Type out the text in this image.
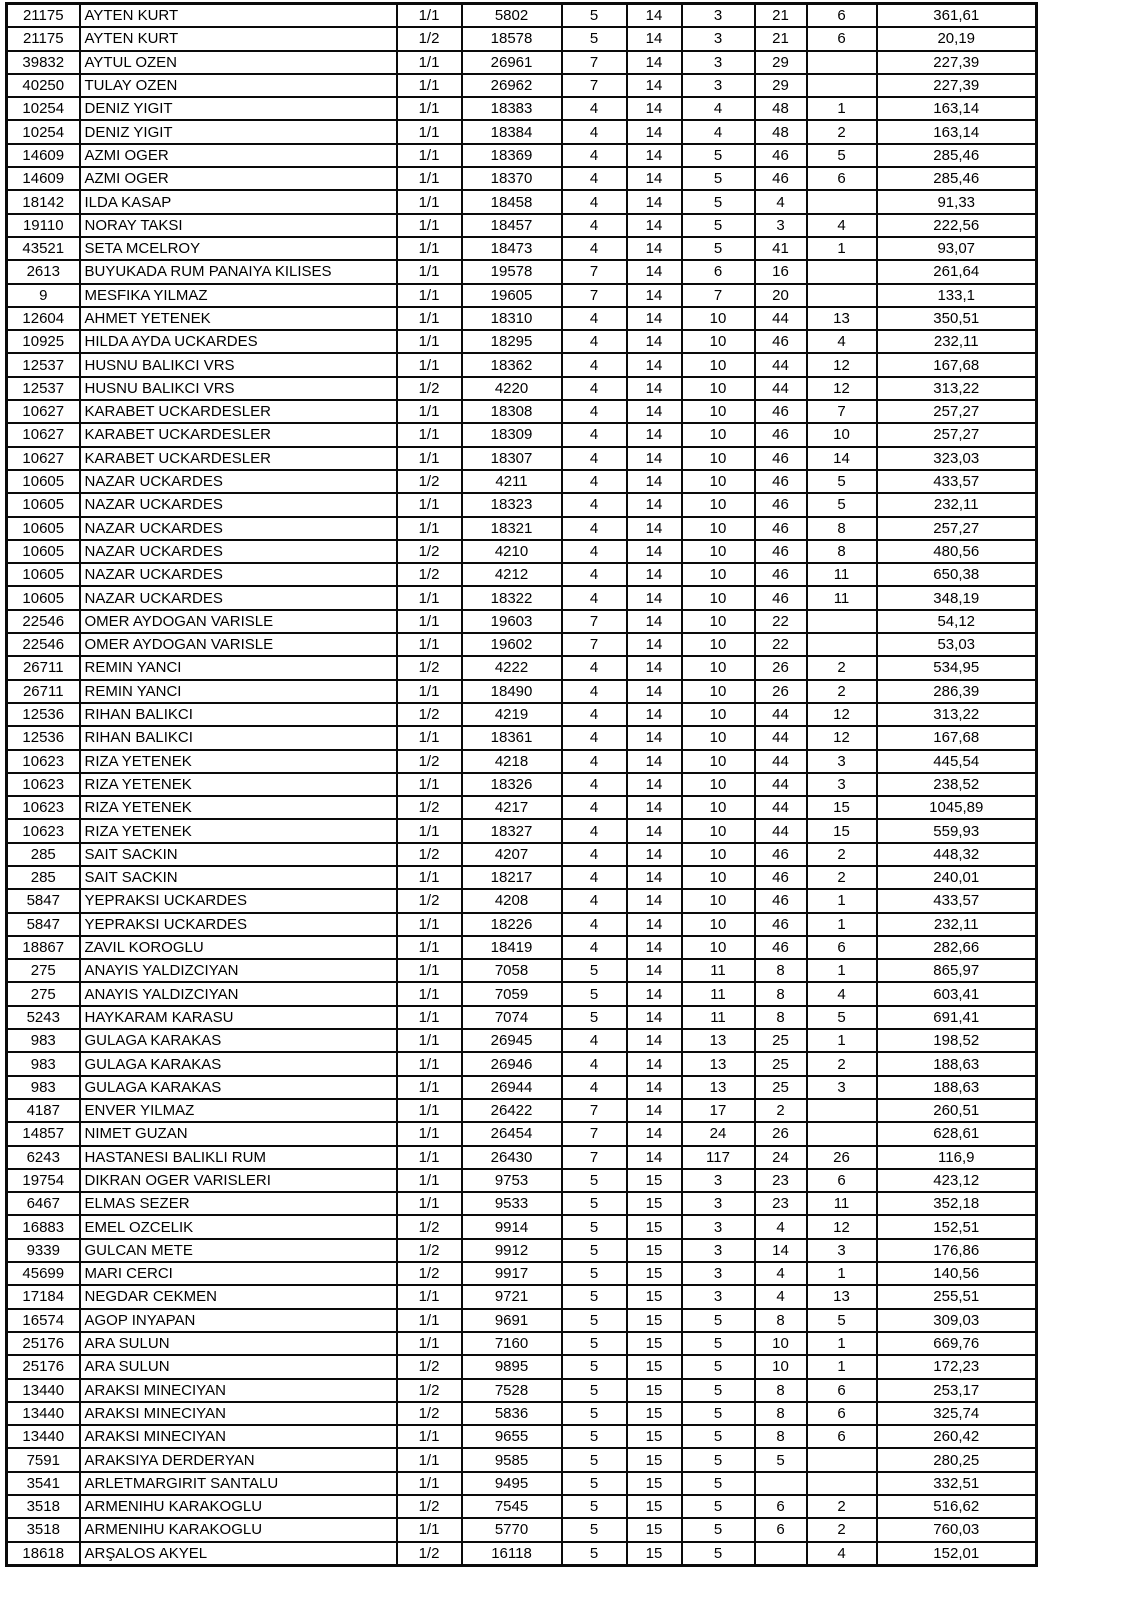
21175	AYTEN KURT	1/1	5802	5	14	3	21	6	361,61
21175	AYTEN KURT	1/2	18578	5	14	3	21	6	20,19
39832	AYTUL OZEN	1/1	26961	7	14	3	29		227,39
40250	TULAY OZEN	1/1	26962	7	14	3	29		227,39
10254	DENIZ YIGIT	1/1	18383	4	14	4	48	1	163,14
10254	DENIZ YIGIT	1/1	18384	4	14	4	48	2	163,14
14609	AZMI OGER	1/1	18369	4	14	5	46	5	285,46
14609	AZMI OGER	1/1	18370	4	14	5	46	6	285,46
18142	ILDA KASAP	1/1	18458	4	14	5	4		91,33
19110	NORAY TAKSI	1/1	18457	4	14	5	3	4	222,56
43521	SETA MCELROY	1/1	18473	4	14	5	41	1	93,07
2613	BUYUKADA RUM PANAIYA KILISES	1/1	19578	7	14	6	16		261,64
9	MESFIKA YILMAZ	1/1	19605	7	14	7	20		133,1
12604	AHMET YETENEK	1/1	18310	4	14	10	44	13	350,51
10925	HILDA AYDA UCKARDES	1/1	18295	4	14	10	46	4	232,11
12537	HUSNU BALIKCI VRS	1/1	18362	4	14	10	44	12	167,68
12537	HUSNU BALIKCI VRS	1/2	4220	4	14	10	44	12	313,22
10627	KARABET UCKARDESLER	1/1	18308	4	14	10	46	7	257,27
10627	KARABET UCKARDESLER	1/1	18309	4	14	10	46	10	257,27
10627	KARABET UCKARDESLER	1/1	18307	4	14	10	46	14	323,03
10605	NAZAR UCKARDES	1/2	4211	4	14	10	46	5	433,57
10605	NAZAR UCKARDES	1/1	18323	4	14	10	46	5	232,11
10605	NAZAR UCKARDES	1/1	18321	4	14	10	46	8	257,27
10605	NAZAR UCKARDES	1/2	4210	4	14	10	46	8	480,56
10605	NAZAR UCKARDES	1/2	4212	4	14	10	46	11	650,38
10605	NAZAR UCKARDES	1/1	18322	4	14	10	46	11	348,19
22546	OMER AYDOGAN VARISLE	1/1	19603	7	14	10	22		54,12
22546	OMER AYDOGAN VARISLE	1/1	19602	7	14	10	22		53,03
26711	REMIN YANCI	1/2	4222	4	14	10	26	2	534,95
26711	REMIN YANCI	1/1	18490	4	14	10	26	2	286,39
12536	RIHAN BALIKCI	1/2	4219	4	14	10	44	12	313,22
12536	RIHAN BALIKCI	1/1	18361	4	14	10	44	12	167,68
10623	RIZA YETENEK	1/2	4218	4	14	10	44	3	445,54
10623	RIZA YETENEK	1/1	18326	4	14	10	44	3	238,52
10623	RIZA YETENEK	1/2	4217	4	14	10	44	15	1045,89
10623	RIZA YETENEK	1/1	18327	4	14	10	44	15	559,93
285	SAIT SACKIN	1/2	4207	4	14	10	46	2	448,32
285	SAIT SACKIN	1/1	18217	4	14	10	46	2	240,01
5847	YEPRAKSI UCKARDES	1/2	4208	4	14	10	46	1	433,57
5847	YEPRAKSI UCKARDES	1/1	18226	4	14	10	46	1	232,11
18867	ZAVIL KOROGLU	1/1	18419	4	14	10	46	6	282,66
275	ANAYIS YALDIZCIYAN	1/1	7058	5	14	11	8	1	865,97
275	ANAYIS YALDIZCIYAN	1/1	7059	5	14	11	8	4	603,41
5243	HAYKARAM KARASU	1/1	7074	5	14	11	8	5	691,41
983	GULAGA KARAKAS	1/1	26945	4	14	13	25	1	198,52
983	GULAGA KARAKAS	1/1	26946	4	14	13	25	2	188,63
983	GULAGA KARAKAS	1/1	26944	4	14	13	25	3	188,63
4187	ENVER YILMAZ	1/1	26422	7	14	17	2		260,51
14857	NIMET GUZAN	1/1	26454	7	14	24	26		628,61
6243	HASTANESI BALIKLI RUM	1/1	26430	7	14	117	24	26	116,9
19754	DIKRAN OGER VARISLERI	1/1	9753	5	15	3	23	6	423,12
6467	ELMAS SEZER	1/1	9533	5	15	3	23	11	352,18
16883	EMEL OZCELIK	1/2	9914	5	15	3	4	12	152,51
9339	GULCAN METE	1/2	9912	5	15	3	14	3	176,86
45699	MARI CERCI	1/2	9917	5	15	3	4	1	140,56
17184	NEGDAR CEKMEN	1/1	9721	5	15	3	4	13	255,51
16574	AGOP INYAPAN	1/1	9691	5	15	5	8	5	309,03
25176	ARA SULUN	1/1	7160	5	15	5	10	1	669,76
25176	ARA SULUN	1/2	9895	5	15	5	10	1	172,23
13440	ARAKSI MINECIYAN	1/2	7528	5	15	5	8	6	253,17
13440	ARAKSI MINECIYAN	1/2	5836	5	15	5	8	6	325,74
13440	ARAKSI MINECIYAN	1/1	9655	5	15	5	8	6	260,42
7591	ARAKSIYA DERDERYAN	1/1	9585	5	15	5	5		280,25
3541	ARLETMARGIRIT SANTALU	1/1	9495	5	15	5			332,51
3518	ARMENIHU KARAKOGLU	1/2	7545	5	15	5	6	2	516,62
3518	ARMENIHU KARAKOGLU	1/1	5770	5	15	5	6	2	760,03
18618	ARŞALOS AKYEL	1/2	16118	5	15	5		4	152,01
